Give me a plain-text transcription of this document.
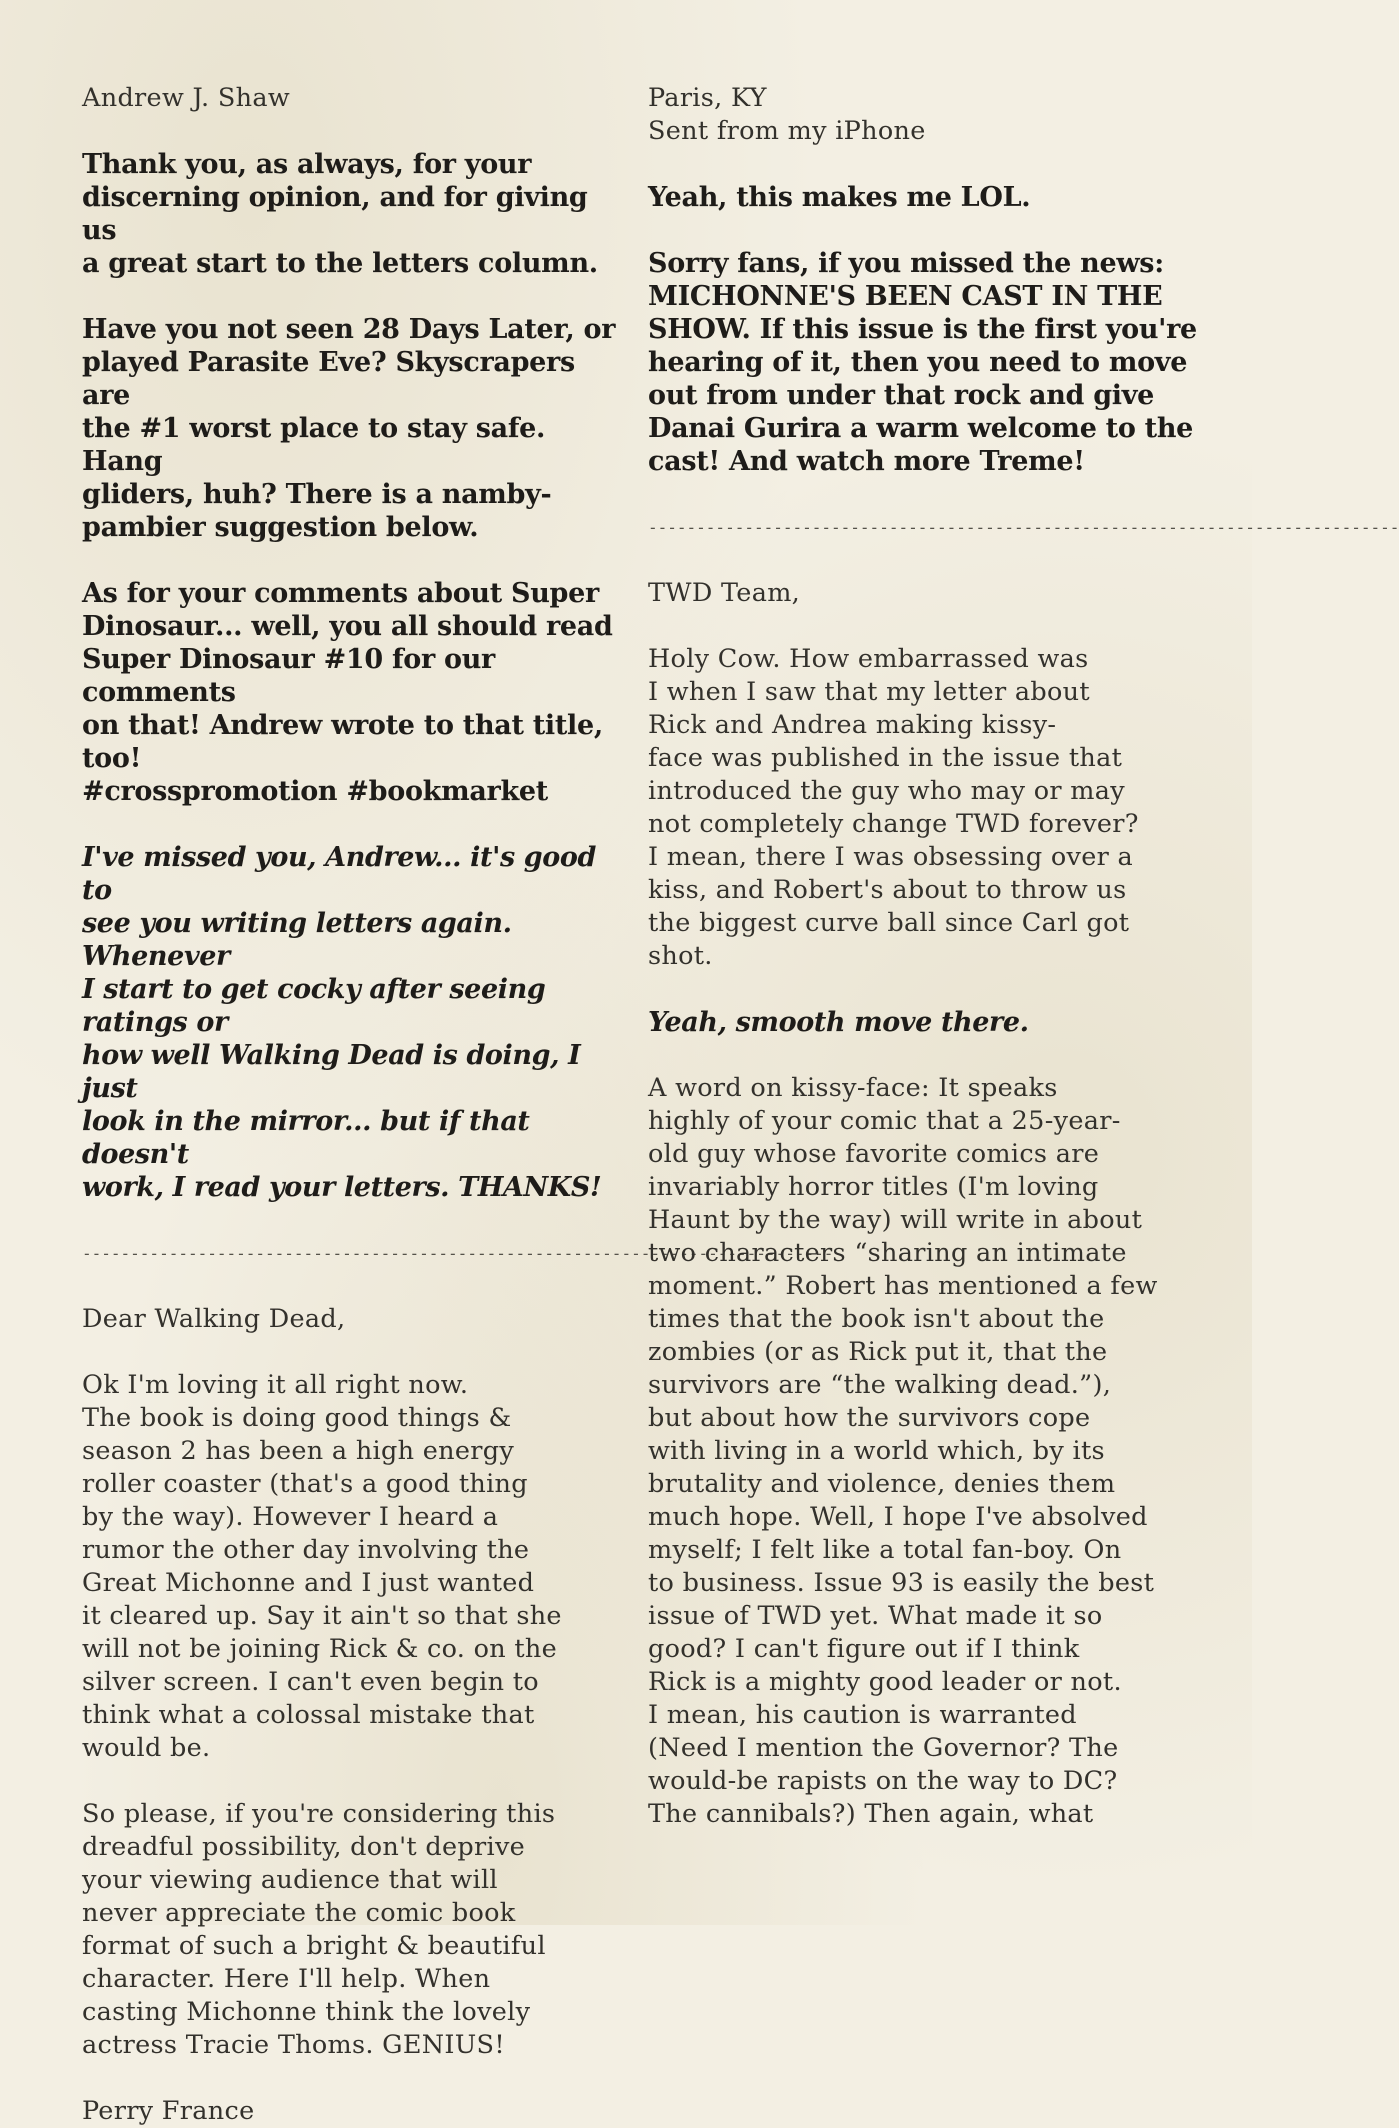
Andrew J. Shaw

Thank you, as always, for your
discerning opinion, and for giving us
a great start to the letters column.

Have you not seen 28 Days Later, or
played Parasite Eve? Skyscrapers are
the #1 worst place to stay safe. Hang
gliders, huh? There is a namby-
pambier suggestion below.

As for your comments about Super
Dinosaur... well, you all should read
Super Dinosaur #10 for our comments
on that! Andrew wrote to that title,
too!
#crosspromotion #bookmarket

I've missed you, Andrew... it's good to
see you writing letters again. Whenever
I start to get cocky after seeing ratings or
how well Walking Dead is doing, I just
look in the mirror... but if that doesn't
work, I read your letters. THANKS!

------------------------------------------------------------------------------

Dear Walking Dead,

Ok I'm loving it all right now.
The book is doing good things &
season 2 has been a high energy
roller coaster (that's a good thing
by the way). However I heard a
rumor the other day involving the
Great Michonne and I just wanted
it cleared up. Say it ain't so that she
will not be joining Rick & co. on the
silver screen. I can't even begin to
think what a colossal mistake that
would be.

So please, if you're considering this
dreadful possibility, don't deprive
your viewing audience that will
never appreciate the comic book
format of such a bright & beautiful
character. Here I'll help. When
casting Michonne think the lovely
actress Tracie Thoms. GENIUS!

Perry France

Paris, KY
Sent from my iPhone

Yeah, this makes me LOL.

Sorry fans, if you missed the news:
MICHONNE'S BEEN CAST IN THE
SHOW. If this issue is the first you're
hearing of it, then you need to move
out from under that rock and give
Danai Gurira a warm welcome to the
cast! And watch more Treme!

------------------------------------------------------------------------------

TWD Team,

Holy Cow. How embarrassed was
I when I saw that my letter about
Rick and Andrea making kissy-
face was published in the issue that
introduced the guy who may or may
not completely change TWD forever?
I mean, there I was obsessing over a
kiss, and Robert's about to throw us
the biggest curve ball since Carl got
shot.

Yeah, smooth move there.

A word on kissy-face: It speaks
highly of your comic that a 25-year-
old guy whose favorite comics are
invariably horror titles (I'm loving
Haunt by the way) will write in about
two characters “sharing an intimate
moment.” Robert has mentioned a few
times that the book isn't about the
zombies (or as Rick put it, that the
survivors are “the walking dead.”),
but about how the survivors cope
with living in a world which, by its
brutality and violence, denies them
much hope. Well, I hope I've absolved
myself; I felt like a total fan-boy. On
to business. Issue 93 is easily the best
issue of TWD yet. What made it so
good? I can't figure out if I think
Rick is a mighty good leader or not.
I mean, his caution is warranted
(Need I mention the Governor? The
would-be rapists on the way to DC?
The cannibals?) Then again, what
